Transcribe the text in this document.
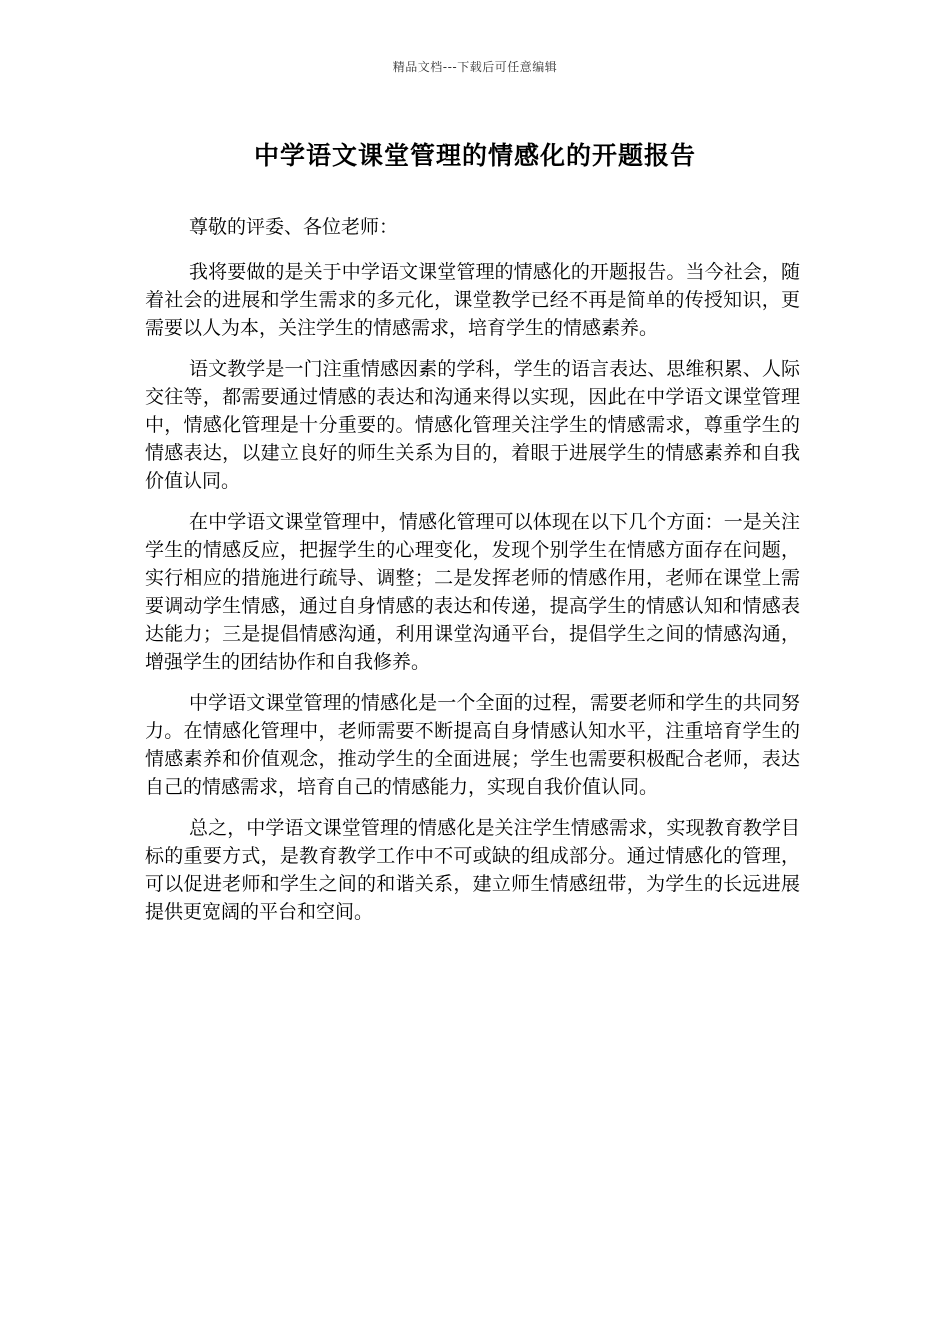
精品文档---下载后可任意编辑
中学语文课堂管理的情感化的开题报告

尊敬的评委、各位老师：

我将要做的是关于中学语文课堂管理的情感化的开题报告。当今社会，随着社会的进展和学生需求的多元化，课堂教学已经不再是简单的传授知识，更需要以人为本，关注学生的情感需求，培育学生的情感素养。

语文教学是一门注重情感因素的学科，学生的语言表达、思维积累、人际交往等，都需要通过情感的表达和沟通来得以实现，因此在中学语文课堂管理中，情感化管理是十分重要的。情感化管理关注学生的情感需求，尊重学生的情感表达，以建立良好的师生关系为目的，着眼于进展学生的情感素养和自我价值认同。

在中学语文课堂管理中，情感化管理可以体现在以下几个方面：一是关注学生的情感反应，把握学生的心理变化，发现个别学生在情感方面存在问题，实行相应的措施进行疏导、调整；二是发挥老师的情感作用，老师在课堂上需要调动学生情感，通过自身情感的表达和传递，提高学生的情感认知和情感表达能力；三是提倡情感沟通，利用课堂沟通平台，提倡学生之间的情感沟通，增强学生的团结协作和自我修养。

中学语文课堂管理的情感化是一个全面的过程，需要老师和学生的共同努力。在情感化管理中，老师需要不断提高自身情感认知水平，注重培育学生的情感素养和价值观念，推动学生的全面进展；学生也需要积极配合老师，表达自己的情感需求，培育自己的情感能力，实现自我价值认同。

总之，中学语文课堂管理的情感化是关注学生情感需求，实现教育教学目标的重要方式，是教育教学工作中不可或缺的组成部分。通过情感化的管理，可以促进老师和学生之间的和谐关系，建立师生情感纽带，为学生的长远进展提供更宽阔的平台和空间。
